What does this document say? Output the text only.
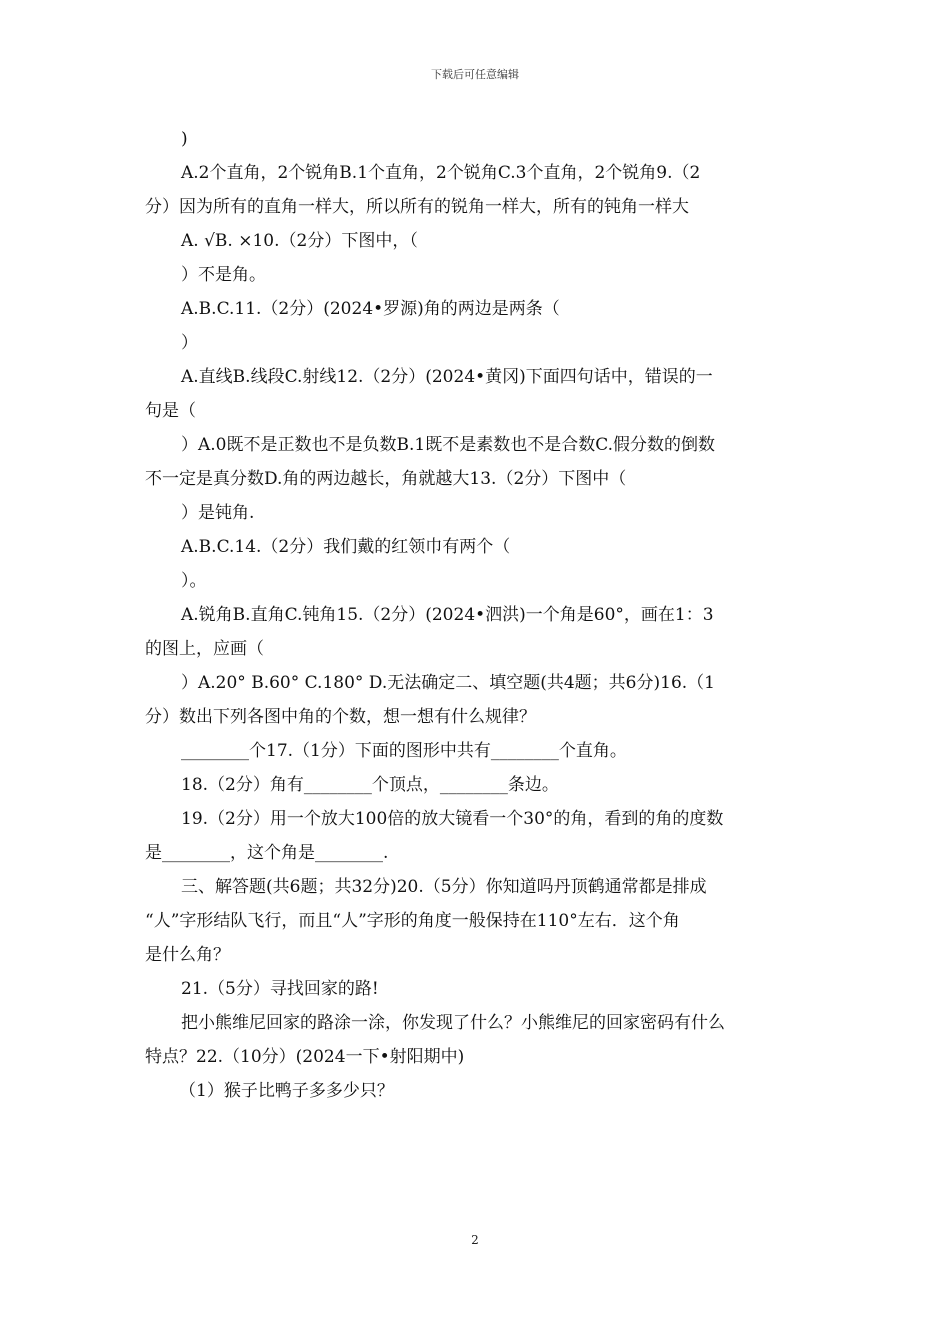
下载后可任意编辑
)
A.2个直角，2个锐角B.1个直角，2个锐角C.3个直角，2个锐角9.（2
分）因为所有的直角一样大，所以所有的锐角一样大，所有的钝角一样大
A. √B. ×10.（2分）下图中，（
）不是角。
A.B.C.11.（2分）(2024•罗源)角的两边是两条（
）
A.直线B.线段C.射线12.（2分）(2024•黄冈)下面四句话中，错误的一
句是（
）A.0既不是正数也不是负数B.1既不是素数也不是合数C.假分数的倒数
不一定是真分数D.角的两边越长，角就越大13.（2分）下图中（
）是钝角.
A.B.C.14.（2分）我们戴的红领巾有两个（
）。
A.锐角B.直角C.钝角15.（2分）(2024•泗洪)一个角是60°，画在1：3
的图上，应画（
）A.20° B.60° C.180° D.无法确定二、填空题(共4题；共6分)16.（1
分）数出下列各图中角的个数，想一想有什么规律？
________个17.（1分）下面的图形中共有________个直角。
18.（2分）角有________个顶点，________条边。
19.（2分）用一个放大100倍的放大镜看一个30°的角，看到的角的度数
是________，这个角是________.
三、解答题(共6题；共32分)20.（5分）你知道吗丹顶鹤通常都是排成
“人”字形结队飞行，而且“人”字形的角度一般保持在110°左右．这个角
是什么角？
21.（5分）寻找回家的路!
把小熊维尼回家的路涂一涂，你发现了什么？小熊维尼的回家密码有什么
特点？22.（10分）(2024一下•射阳期中)
（1）猴子比鸭子多多少只？
2
